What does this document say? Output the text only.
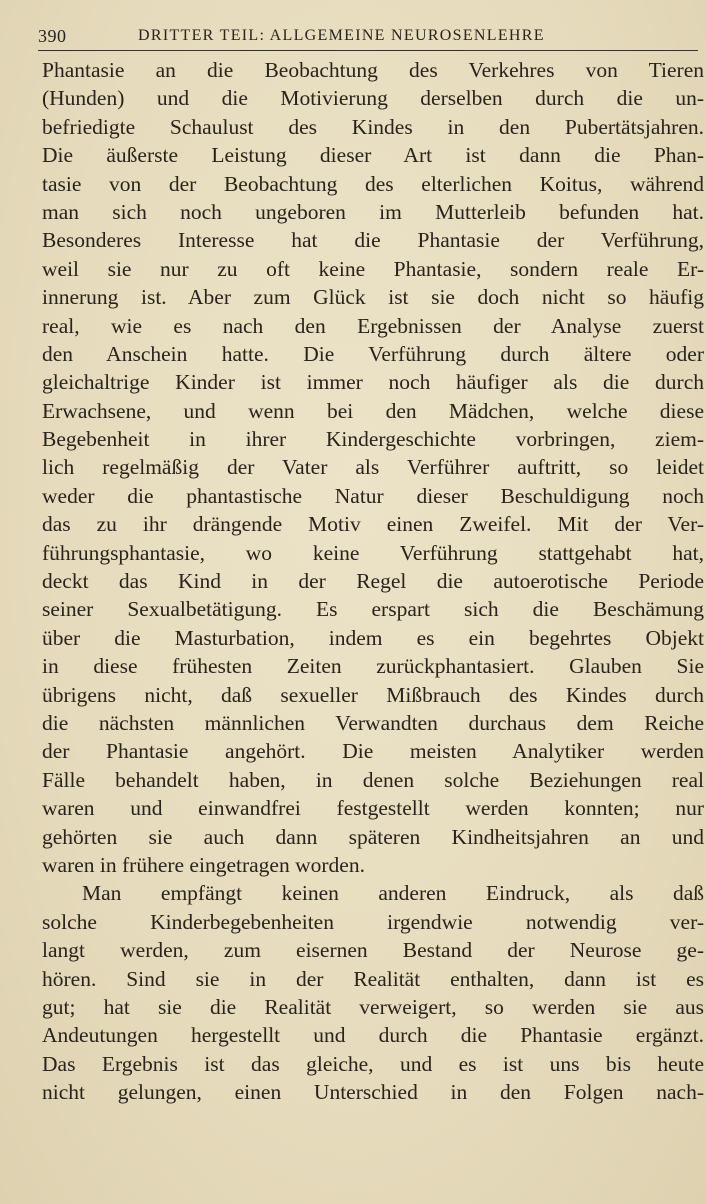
390	DRITTER TEIL: ALLGEMEINE NEUROSENLEHRE
Phantasie an die Beobachtung des Verkehres von Tieren
(Hunden) und die Motivierung derselben durch die un-
befriedigte Schaulust des Kindes in den Pubertätsjahren.
Die äußerste Leistung dieser Art ist dann die Phan-
tasie von der Beobachtung des elterlichen Koitus, während
man sich noch ungeboren im Mutterleib befunden hat.
Besonderes Interesse hat die Phantasie der Verführung,
weil sie nur zu oft keine Phantasie, sondern reale Er-
innerung ist. Aber zum Glück ist sie doch nicht so häufig
real, wie es nach den Ergebnissen der Analyse zuerst
den Anschein hatte. Die Verführung durch ältere oder
gleichaltrige Kinder ist immer noch häufiger als die durch
Erwachsene, und wenn bei den Mädchen, welche diese
Begebenheit in ihrer Kindergeschichte vorbringen, ziem-
lich regelmäßig der Vater als Verführer auftritt, so leidet
weder die phantastische Natur dieser Beschuldigung noch
das zu ihr drängende Motiv einen Zweifel. Mit der Ver-
führungsphantasie, wo keine Verführung stattgehabt hat,
deckt das Kind in der Regel die autoerotische Periode
seiner Sexualbetätigung. Es erspart sich die Beschämung
über die Masturbation, indem es ein begehrtes Objekt
in diese frühesten Zeiten zurückphantasiert. Glauben Sie
übrigens nicht, daß sexueller Mißbrauch des Kindes durch
die nächsten männlichen Verwandten durchaus dem Reiche
der Phantasie angehört. Die meisten Analytiker werden
Fälle behandelt haben, in denen solche Beziehungen real
waren und einwandfrei festgestellt werden konnten; nur
gehörten sie auch dann späteren Kindheitsjahren an und
waren in frühere eingetragen worden.
Man empfängt keinen anderen Eindruck, als daß
solche Kinderbegebenheiten irgendwie notwendig ver-
langt werden, zum eisernen Bestand der Neurose ge-
hören. Sind sie in der Realität enthalten, dann ist es
gut; hat sie die Realität verweigert, so werden sie aus
Andeutungen hergestellt und durch die Phantasie ergänzt.
Das Ergebnis ist das gleiche, und es ist uns bis heute
nicht gelungen, einen Unterschied in den Folgen nach-
